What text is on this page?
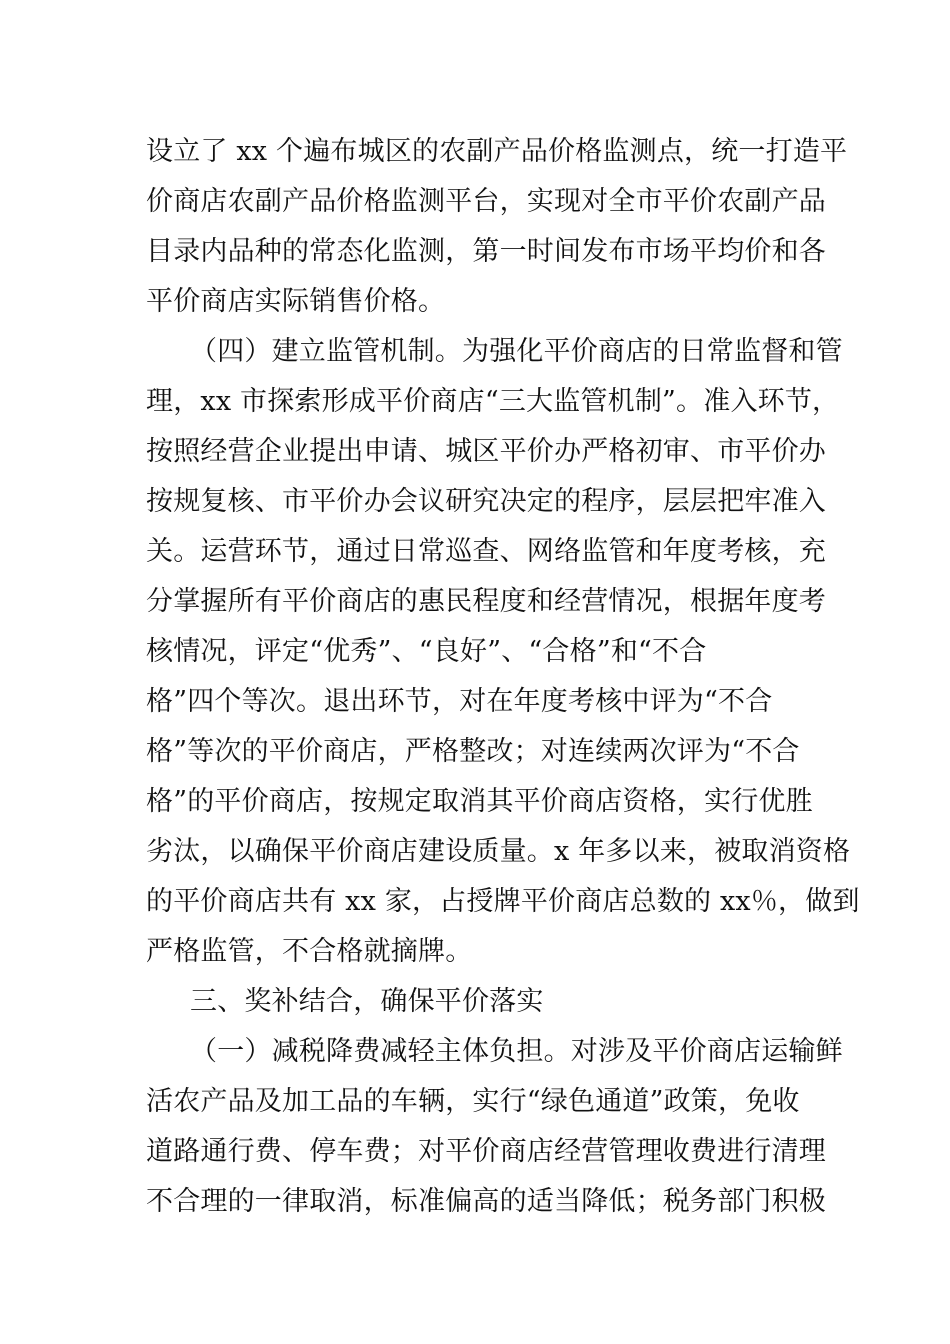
设立了 xx 个遍布城区的农副产品价格监测点，统一打造平
价商店农副产品价格监测平台，实现对全市平价农副产品
目录内品种的常态化监测，第一时间发布市场平均价和各
平价商店实际销售价格。
（四）建立监管机制。为强化平价商店的日常监督和管
理，xx 市探索形成平价商店“三大监管机制”。准入环节，
按照经营企业提出申请、城区平价办严格初审、市平价办
按规复核、市平价办会议研究决定的程序，层层把牢准入
关。运营环节，通过日常巡查、网络监管和年度考核，充
分掌握所有平价商店的惠民程度和经营情况，根据年度考
核情况，评定“优秀”、“良好”、“合格”和“不合
格”四个等次。退出环节，对在年度考核中评为“不合
格”等次的平价商店，严格整改；对连续两次评为“不合
格”的平价商店，按规定取消其平价商店资格，实行优胜
劣汰，以确保平价商店建设质量。x 年多以来，被取消资格
的平价商店共有 xx 家，占授牌平价商店总数的 xx％，做到
严格监管，不合格就摘牌。
三、奖补结合，确保平价落实
（一）减税降费减轻主体负担。对涉及平价商店运输鲜
活农产品及加工品的车辆，实行“绿色通道”政策，免收
道路通行费、停车费；对平价商店经营管理收费进行清理
不合理的一律取消，标准偏高的适当降低；税务部门积极
